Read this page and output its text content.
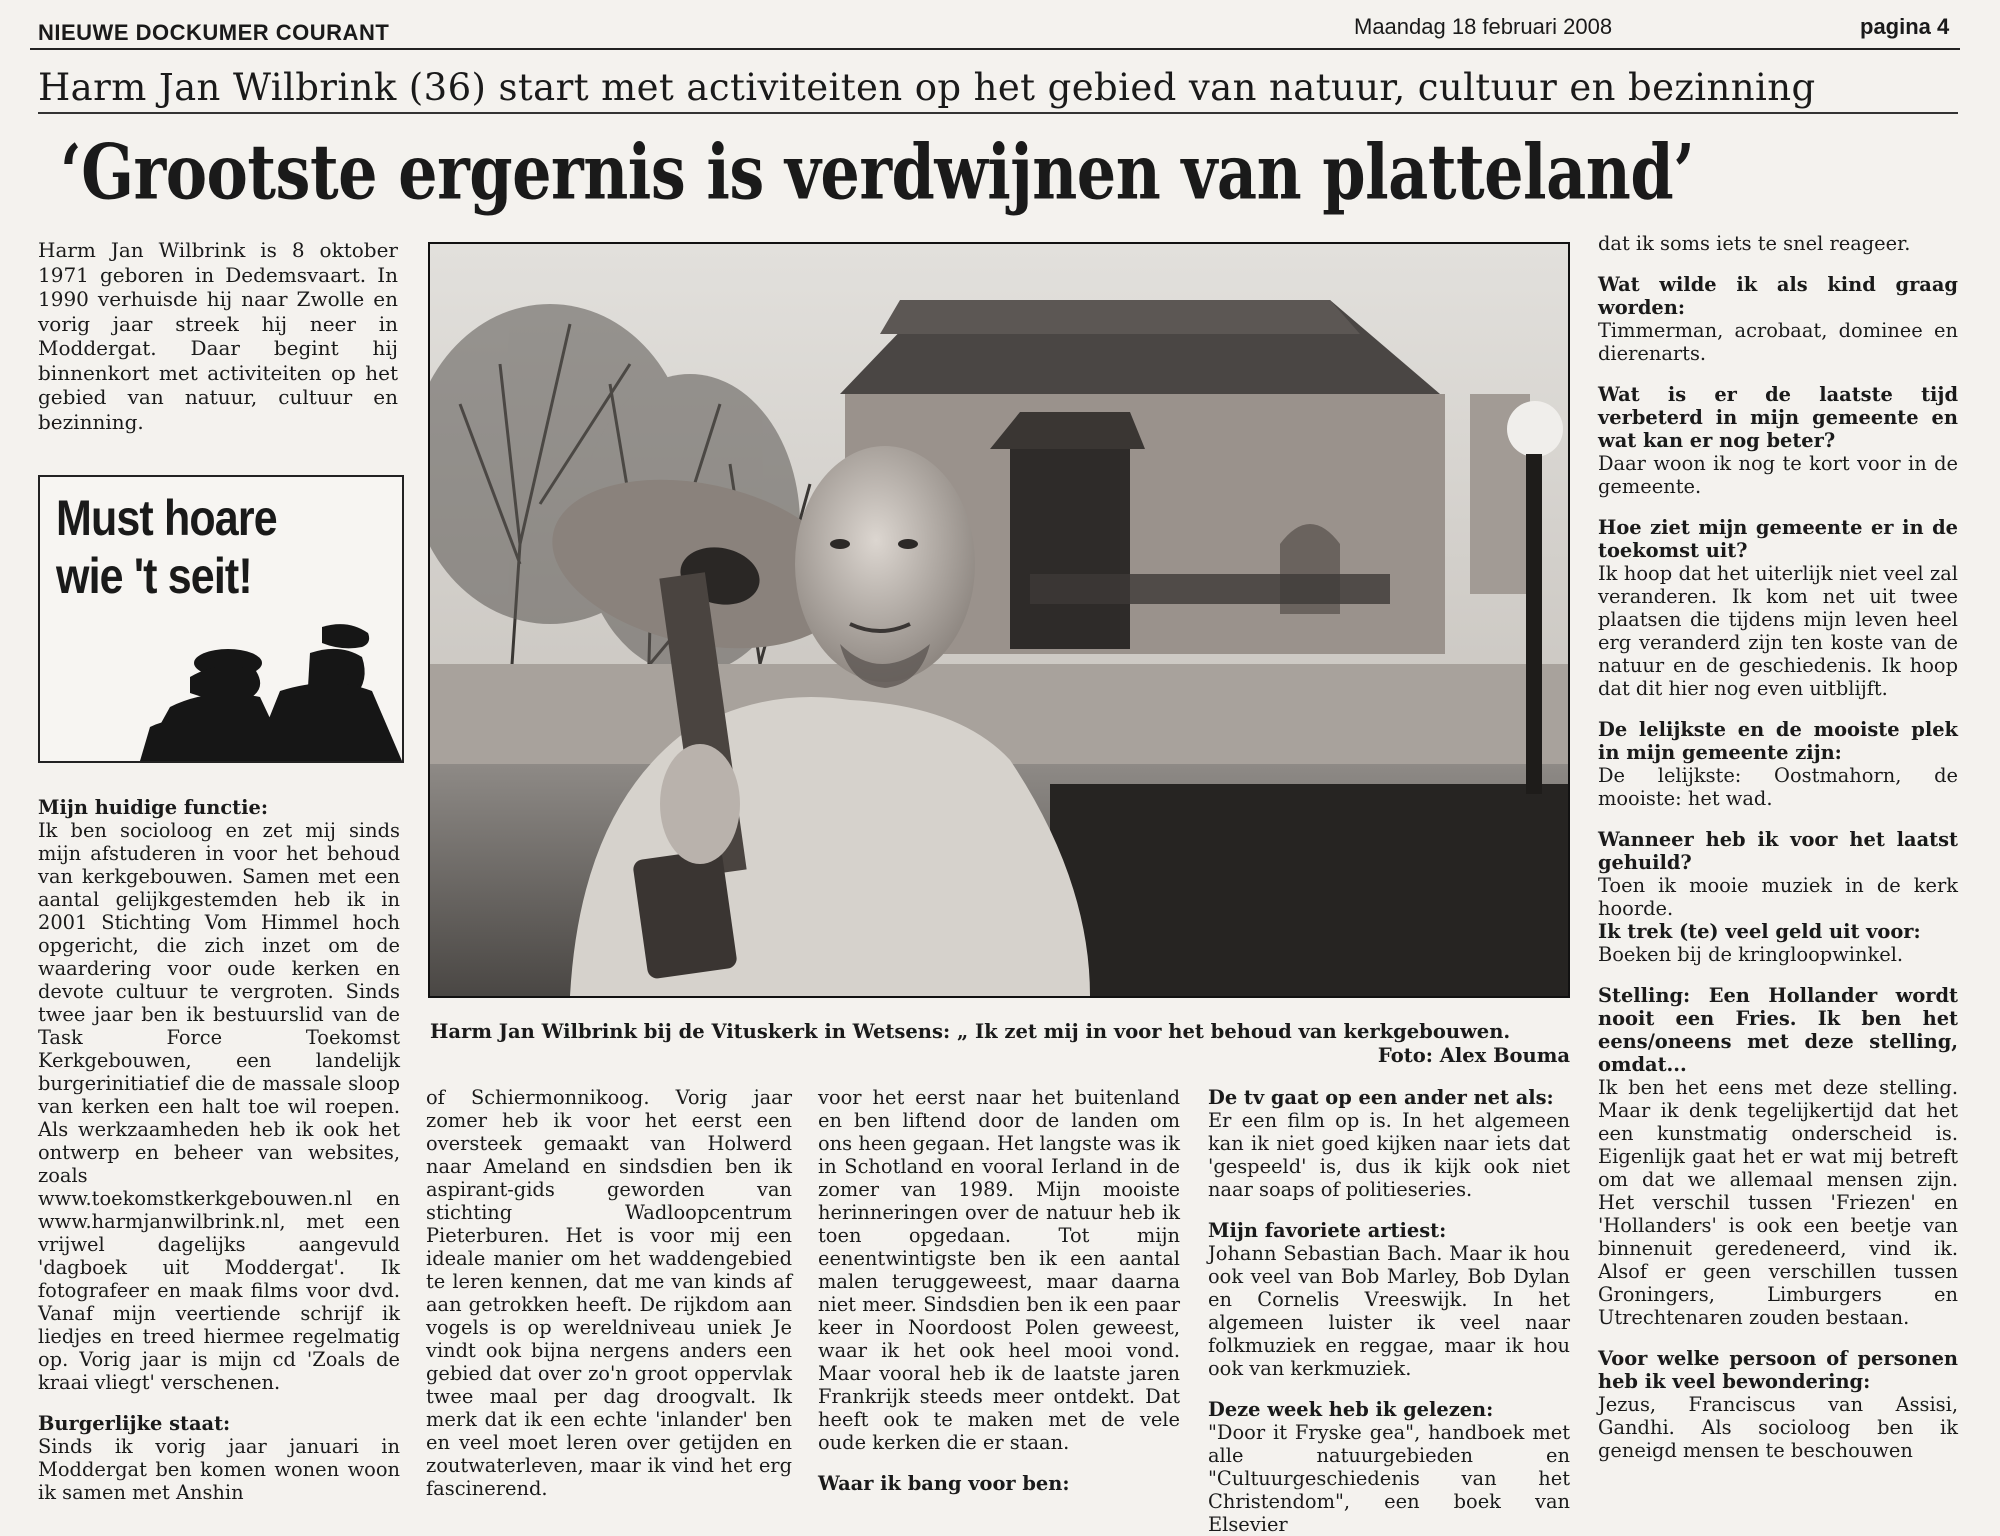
NIEUWE DOCKUMER COURANT	Maandag 18 februari 2008	pagina 4
Harm Jan Wilbrink (36) start met activiteiten op het gebied van natuur, cultuur en bezinning
‘Grootste ergernis is verdwijnen van platteland’
Harm Jan Wilbrink is 8 oktober 1971 geboren in Dedemsvaart. In 1990 verhuisde hij naar Zwolle en vorig jaar streek hij neer in Moddergat. Daar begint hij binnenkort met activiteiten op het gebied van natuur, cultuur en bezinning.
Must hoare
wie 't seit!

Mijn huidige functie:

Ik ben socioloog en zet mij sinds mijn afstuderen in voor het behoud van kerkgebouwen. Samen met een aantal gelijkgestemden heb ik in 2001 Stichting Vom Himmel hoch opgericht, die zich inzet om de waardering voor oude kerken en devote cultuur te vergroten. Sinds twee jaar ben ik bestuurslid van de Task Force Toekomst Kerkgebouwen, een landelijk burgerinitiatief die de massale sloop van kerken een halt toe wil roepen. Als werkzaamheden heb ik ook het ontwerp en beheer van websites, zoals www.toekomstkerkgebouwen.nl en www.harmjanwilbrink.nl, met een vrijwel dagelijks aangevuld 'dagboek uit Moddergat'. Ik fotografeer en maak films voor dvd. Vanaf mijn veertiende schrijf ik liedjes en treed hiermee regelmatig op. Vorig jaar is mijn cd 'Zoals de kraai vliegt' verschenen.

Burgerlijke staat:

Sinds ik vorig jaar januari in Moddergat ben komen wonen woon ik samen met Anshin

Harm Jan Wilbrink bij de Vituskerk in Wetsens: „ Ik zet mij in voor het behoud van kerkgebouwen.
Foto: Alex Bouma

of Schiermonnikoog. Vorig jaar zomer heb ik voor het eerst een oversteek gemaakt van Holwerd naar Ameland en sindsdien ben ik aspirant-gids geworden van stichting Wadloopcentrum Pieterburen. Het is voor mij een ideale manier om het waddengebied te leren kennen, dat me van kinds af aan getrokken heeft. De rijkdom aan vogels is op wereldniveau uniek Je vindt ook bijna nergens anders een gebied dat over zo'n groot oppervlak twee maal per dag droogvalt. Ik merk dat ik een echte 'inlander' ben en veel moet leren over getijden en zoutwaterleven, maar ik vind het erg fascinerend.

voor het eerst naar het buitenland en ben liftend door de landen om ons heen gegaan. Het langste was ik in Schotland en vooral Ierland in de zomer van 1989. Mijn mooiste herinneringen over de natuur heb ik toen opgedaan. Tot mijn eenentwintigste ben ik een aantal malen teruggeweest, maar daarna niet meer. Sindsdien ben ik een paar keer in Noordoost Polen geweest, waar ik het ook heel mooi vond. Maar vooral heb ik de laatste jaren Frankrijk steeds meer ontdekt. Dat heeft ook te maken met de vele oude kerken die er staan.

Waar ik bang voor ben:

De tv gaat op een ander net als:

Er een film op is. In het algemeen kan ik niet goed kijken naar iets dat 'gespeeld' is, dus ik kijk ook niet naar soaps of politieseries.

Mijn favoriete artiest:

Johann Sebastian Bach. Maar ik hou ook veel van Bob Marley, Bob Dylan en Cornelis Vreeswijk. In het algemeen luister ik veel naar folkmuziek en reggae, maar ik hou ook van kerkmuziek.

Deze week heb ik gelezen:

"Door it Fryske gea", handboek met alle natuurgebieden en "Cultuurgeschiedenis van het Christendom", een boek van Elsevier

dat ik soms iets te snel reageer.

Wat wilde ik als kind graag worden:

Timmerman, acrobaat, dominee en dierenarts.

Wat is er de laatste tijd verbeterd in mijn gemeente en wat kan er nog beter?

Daar woon ik nog te kort voor in de gemeente.

Hoe ziet mijn gemeente er in de toekomst uit?

Ik hoop dat het uiterlijk niet veel zal veranderen. Ik kom net uit twee plaatsen die tijdens mijn leven heel erg veranderd zijn ten koste van de natuur en de geschiedenis. Ik hoop dat dit hier nog even uitblijft.

De lelijkste en de mooiste plek in mijn gemeente zijn:

De lelijkste: Oostmahorn, de mooiste: het wad.

Wanneer heb ik voor het laatst gehuild?

Toen ik mooie muziek in de kerk hoorde.

Ik trek (te) veel geld uit voor:

Boeken bij de kringloopwinkel.

Stelling: Een Hollander wordt nooit een Fries. Ik ben het eens/oneens met deze stelling, omdat...

Ik ben het eens met deze stelling. Maar ik denk tegelijkertijd dat het een kunstmatig onderscheid is. Eigenlijk gaat het er wat mij betreft om dat we allemaal mensen zijn. Het verschil tussen 'Friezen' en 'Hollanders' is ook een beetje van binnenuit geredeneerd, vind ik. Alsof er geen verschillen tussen Groningers, Limburgers en Utrechtenaren zouden bestaan.

Voor welke persoon of personen heb ik veel bewondering:

Jezus, Franciscus van Assisi, Gandhi. Als socioloog ben ik geneigd mensen te beschouwen
